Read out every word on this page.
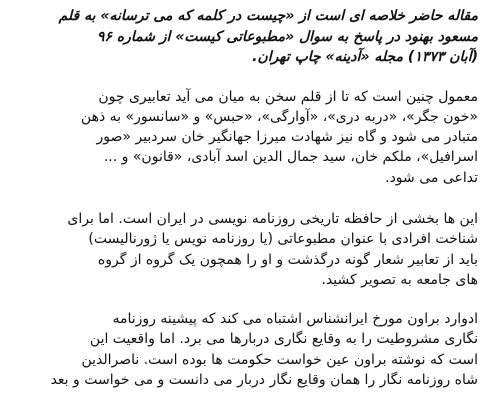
مقاله حاضر خلاصه ای است از «چیست در کلمه که می ترسانه» به قلم
مسعود بهنود در پاسخ به سوال «مطبوعاتی کیست» از شماره ۹۶
(آبان ۱۳۷۳) مجله «آدینه» چاپ تهران.
معمول چنین است که تا از قلم سخن به میان می آید تعابیری چون
«خون جگر»، «دربه دری»، «آوارگی»، «حبس» و «سانسور» به ذهن
متبادر می شود و گاه نیز شهادت میرزا جهانگیر خان سردبیر «صور
اسرافیل»، ملکم خان، سید جمال الدین اسد آبادی، «قانون» و ...
تداعی می شود.
این ها بخشی از حافظه تاریخی روزنامه نویسی در ایران است. اما برای
شناخت افرادی با عنوان مطبوعاتی (یا روزنامه نویس یا ژورنالیست)
باید از تعابیر شعار گونه درگذشت و او را همچون یک گروه از گروه
های جامعه به تصویر کشید.
ادوارد براون مورخ ایرانشناس اشتباه می کند که پیشینه روزنامه
نگاری مشروطیت را به وقایع نگاری دربارها می برد. اما واقعیت این
است که نوشته براون عین خواست حکومت ها بوده است. ناصرالدین
شاه روزنامه نگار را همان وقایع نگار دربار می دانست و می خواست و بعد
